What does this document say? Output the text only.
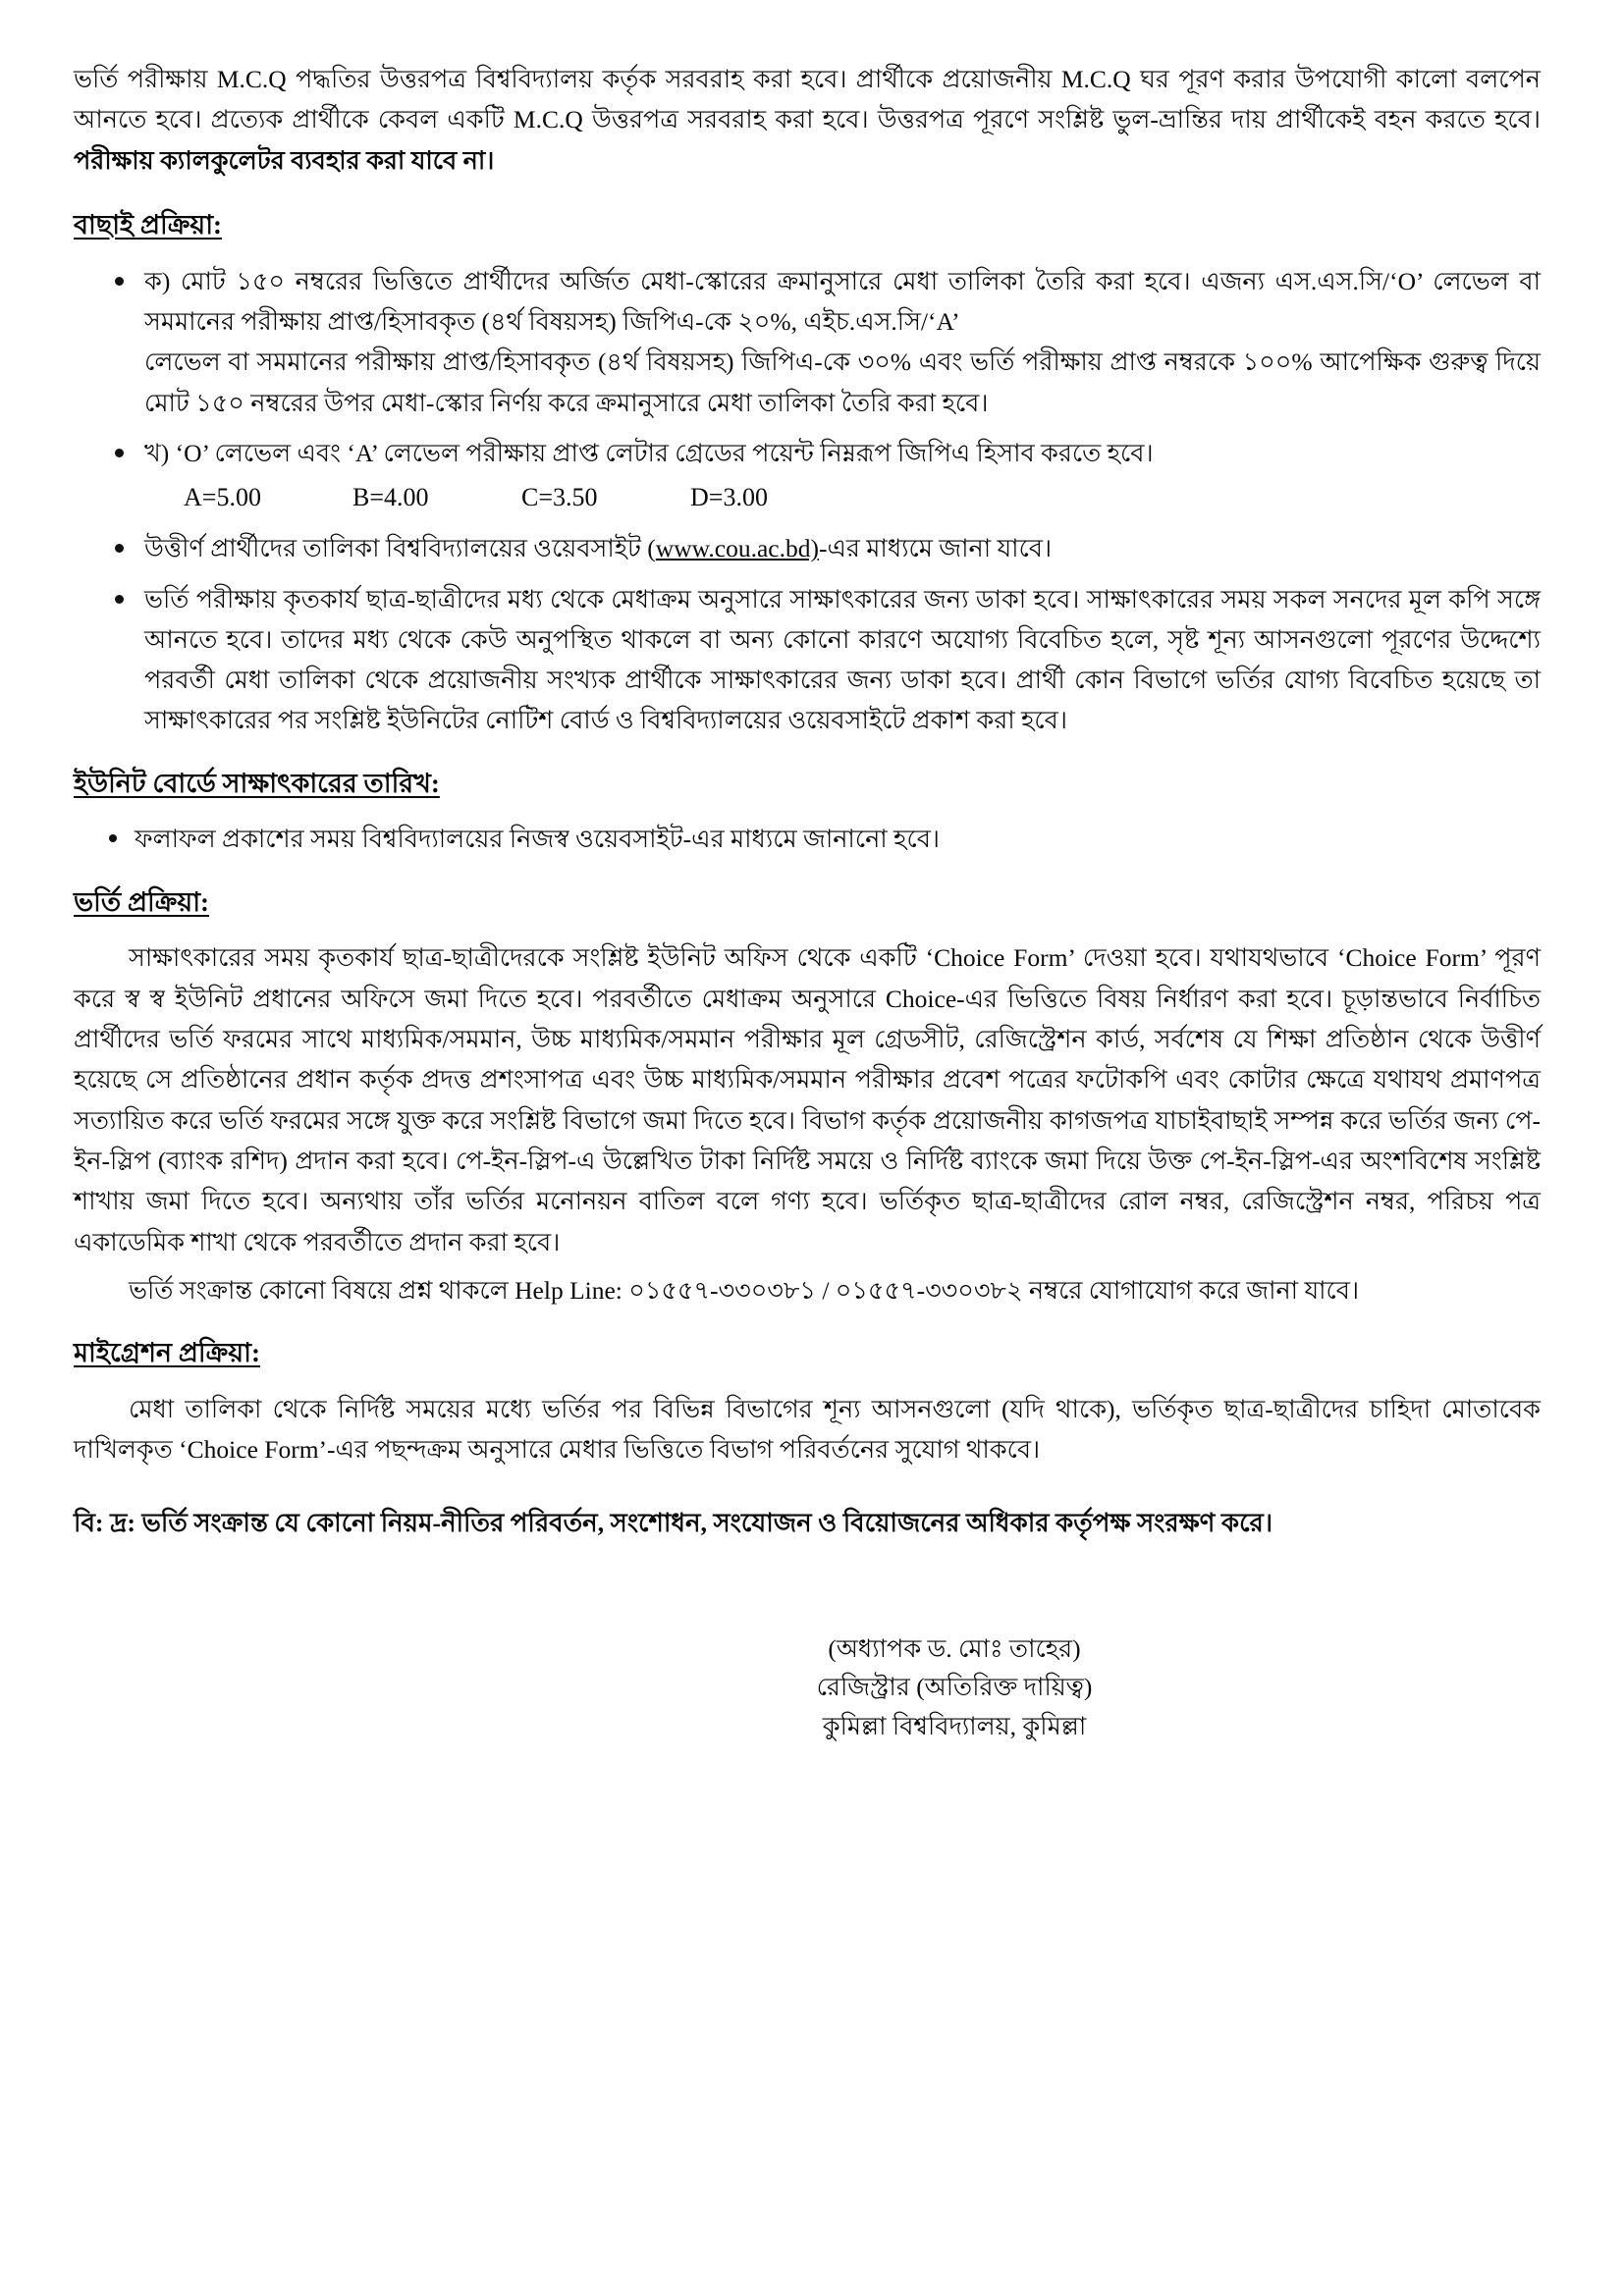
ভর্তি পরীক্ষায় M.C.Q পদ্ধতির উত্তরপত্র বিশ্ববিদ্যালয় কর্তৃক সরবরাহ করা হবে। প্রার্থীকে প্রয়োজনীয় M.C.Q ঘর পূরণ করার উপযোগী কালো বলপেন আনতে হবে। প্রত্যেক প্রার্থীকে কেবল একটি M.C.Q উত্তরপত্র সরবরাহ করা হবে। উত্তরপত্র পূরণে সংশ্লিষ্ট ভুল-ভ্রান্তির দায় প্রার্থীকেই বহন করতে হবে। পরীক্ষায় ক্যালকুলেটর ব্যবহার করা যাবে না।

বাছাই প্রক্রিয়া:
ক) মোট ১৫০ নম্বরের ভিত্তিতে প্রার্থীদের অর্জিত মেধা-স্কোরের ক্রমানুসারে মেধা তালিকা তৈরি করা হবে। এজন্য এস.এস.সি/‘O’ লেভেল বা সমমানের পরীক্ষায় প্রাপ্ত/হিসাবকৃত (৪র্থ বিষয়সহ) জিপিএ-কে ২০%, এইচ.এস.সি/‘A’
লেভেল বা সমমানের পরীক্ষায় প্রাপ্ত/হিসাবকৃত (৪র্থ বিষয়সহ) জিপিএ-কে ৩০% এবং ভর্তি পরীক্ষায় প্রাপ্ত নম্বরকে ১০০% আপেক্ষিক গুরুত্ব দিয়ে মোট ১৫০ নম্বরের উপর মেধা-স্কোর নির্ণয় করে ক্রমানুসারে মেধা তালিকা তৈরি করা হবে।
খ) ‘O’ লেভেল এবং ‘A’ লেভেল পরীক্ষায় প্রাপ্ত লেটার গ্রেডের পয়েন্ট নিম্নরূপ জিপিএ হিসাব করতে হবে।
A=5.00	B=4.00	C=3.50	D=3.00
উত্তীর্ণ প্রার্থীদের তালিকা বিশ্ববিদ্যালয়ের ওয়েবসাইট (www.cou.ac.bd)-এর মাধ্যমে জানা যাবে।
ভর্তি পরীক্ষায় কৃতকার্য ছাত্র-ছাত্রীদের মধ্য থেকে মেধাক্রম অনুসারে সাক্ষাৎকারের জন্য ডাকা হবে। সাক্ষাৎকারের সময় সকল সনদের মূল কপি সঙ্গে আনতে হবে। তাদের মধ্য থেকে কেউ অনুপস্থিত থাকলে বা অন্য কোনো কারণে অযোগ্য বিবেচিত হলে, সৃষ্ট শূন্য আসনগুলো পূরণের উদ্দেশ্যে পরবর্তী মেধা তালিকা থেকে প্রয়োজনীয় সংখ্যক প্রার্থীকে সাক্ষাৎকারের জন্য ডাকা হবে। প্রার্থী কোন বিভাগে ভর্তির যোগ্য বিবেচিত হয়েছে তা সাক্ষাৎকারের পর সংশ্লিষ্ট ইউনিটের নোটিশ বোর্ড ও বিশ্ববিদ্যালয়ের ওয়েবসাইটে প্রকাশ করা হবে।
ইউনিট বোর্ডে সাক্ষাৎকারের তারিখ:
ফলাফল প্রকাশের সময় বিশ্ববিদ্যালয়ের নিজস্ব ওয়েবসাইট-এর মাধ্যমে জানানো হবে।
ভর্তি প্রক্রিয়া:

সাক্ষাৎকারের সময় কৃতকার্য ছাত্র-ছাত্রীদেরকে সংশ্লিষ্ট ইউনিট অফিস থেকে একটি ‘Choice Form’ দেওয়া হবে। যথাযথভাবে ‘Choice Form’ পূরণ করে স্ব স্ব ইউনিট প্রধানের অফিসে জমা দিতে হবে। পরবর্তীতে মেধাক্রম অনুসারে Choice-এর ভিত্তিতে বিষয় নির্ধারণ করা হবে। চূড়ান্তভাবে নির্বাচিত প্রার্থীদের ভর্তি ফরমের সাথে মাধ্যমিক/সমমান, উচ্চ মাধ্যমিক/সমমান পরীক্ষার মূল গ্রেডসীট, রেজিস্ট্রেশন কার্ড, সর্বশেষ যে শিক্ষা প্রতিষ্ঠান থেকে উত্তীর্ণ হয়েছে সে প্রতিষ্ঠানের প্রধান কর্তৃক প্রদত্ত প্রশংসাপত্র এবং উচ্চ মাধ্যমিক/সমমান পরীক্ষার প্রবেশ পত্রের ফটোকপি এবং কোটার ক্ষেত্রে যথাযথ প্রমাণপত্র সত্যায়িত করে ভর্তি ফরমের সঙ্গে যুক্ত করে সংশ্লিষ্ট বিভাগে জমা দিতে হবে। বিভাগ কর্তৃক প্রয়োজনীয় কাগজপত্র যাচাইবাছাই সম্পন্ন করে ভর্তির জন্য পে-ইন-স্লিপ (ব্যাংক রশিদ) প্রদান করা হবে। পে-ইন-স্লিপ-এ উল্লেখিত টাকা নির্দিষ্ট সময়ে ও নির্দিষ্ট ব্যাংকে জমা দিয়ে উক্ত পে-ইন-স্লিপ-এর অংশবিশেষ সংশ্লিষ্ট শাখায় জমা দিতে হবে। অন্যথায় তাঁর ভর্তির মনোনয়ন বাতিল বলে গণ্য হবে। ভর্তিকৃত ছাত্র-ছাত্রীদের রোল নম্বর, রেজিস্ট্রেশন নম্বর, পরিচয় পত্র একাডেমিক শাখা থেকে পরবর্তীতে প্রদান করা হবে।

ভর্তি সংক্রান্ত কোনো বিষয়ে প্রশ্ন থাকলে Help Line: ০১৫৫৭-৩৩০৩৮১ / ০১৫৫৭-৩৩০৩৮২ নম্বরে যোগাযোগ করে জানা যাবে।

মাইগ্রেশন প্রক্রিয়া:

মেধা তালিকা থেকে নির্দিষ্ট সময়ের মধ্যে ভর্তির পর বিভিন্ন বিভাগের শূন্য আসনগুলো (যদি থাকে), ভর্তিকৃত ছাত্র-ছাত্রীদের চাহিদা মোতাবেক দাখিলকৃত ‘Choice Form’-এর পছন্দক্রম অনুসারে মেধার ভিত্তিতে বিভাগ পরিবর্তনের সুযোগ থাকবে।

বি: দ্র: ভর্তি সংক্রান্ত যে কোনো নিয়ম-নীতির পরিবর্তন, সংশোধন, সংযোজন ও বিয়োজনের অধিকার কর্তৃপক্ষ সংরক্ষণ করে।

(অধ্যাপক ড. মোঃ তাহের)
রেজিস্ট্রার (অতিরিক্ত দায়িত্ব)
কুমিল্লা বিশ্ববিদ্যালয়, কুমিল্লা
